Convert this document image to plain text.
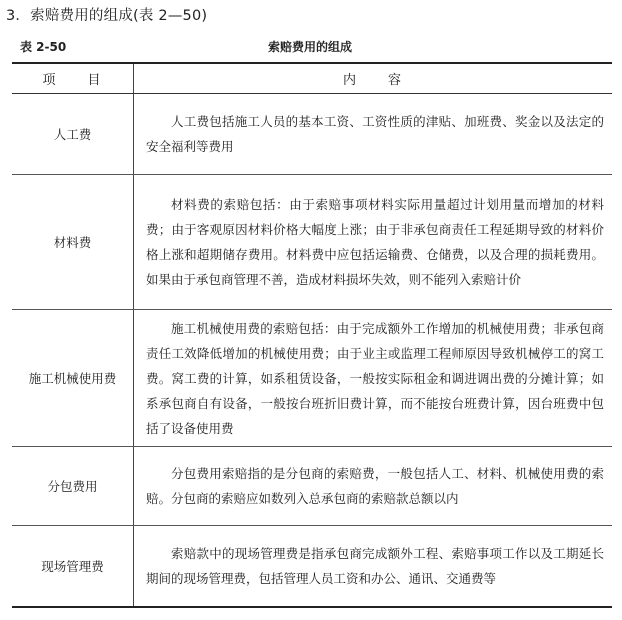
3．索赔费用的组成(表 2—50)
表 2-50	索赔费用的组成
项　　目	内　　容
人工费	人工费包括施工人员的基本工资、工资性质的津贴、加班费、奖金以及法定的安全福利等费用
材料费	材料费的索赔包括：由于索赔事项材料实际用量超过计划用量而增加的材料费；由于客观原因材料价格大幅度上涨；由于非承包商责任工程延期导致的材料价格上涨和超期储存费用。材料费中应包括运输费、仓储费，以及合理的损耗费用。如果由于承包商管理不善，造成材料损坏失效，则不能列入索赔计价
施工机械使用费	施工机械使用费的索赔包括：由于完成额外工作增加的机械使用费；非承包商责任工效降低增加的机械使用费；由于业主或监理工程师原因导致机械停工的窝工费。窝工费的计算，如系租赁设备，一般按实际租金和调进调出费的分摊计算；如系承包商自有设备，一般按台班折旧费计算，而不能按台班费计算，因台班费中包括了设备使用费
分包费用	分包费用索赔指的是分包商的索赔费，一般包括人工、材料、机械使用费的索赔。分包商的索赔应如数列入总承包商的索赔款总额以内
现场管理费	索赔款中的现场管理费是指承包商完成额外工程、索赔事项工作以及工期延长期间的现场管理费，包括管理人员工资和办公、通讯、交通费等
